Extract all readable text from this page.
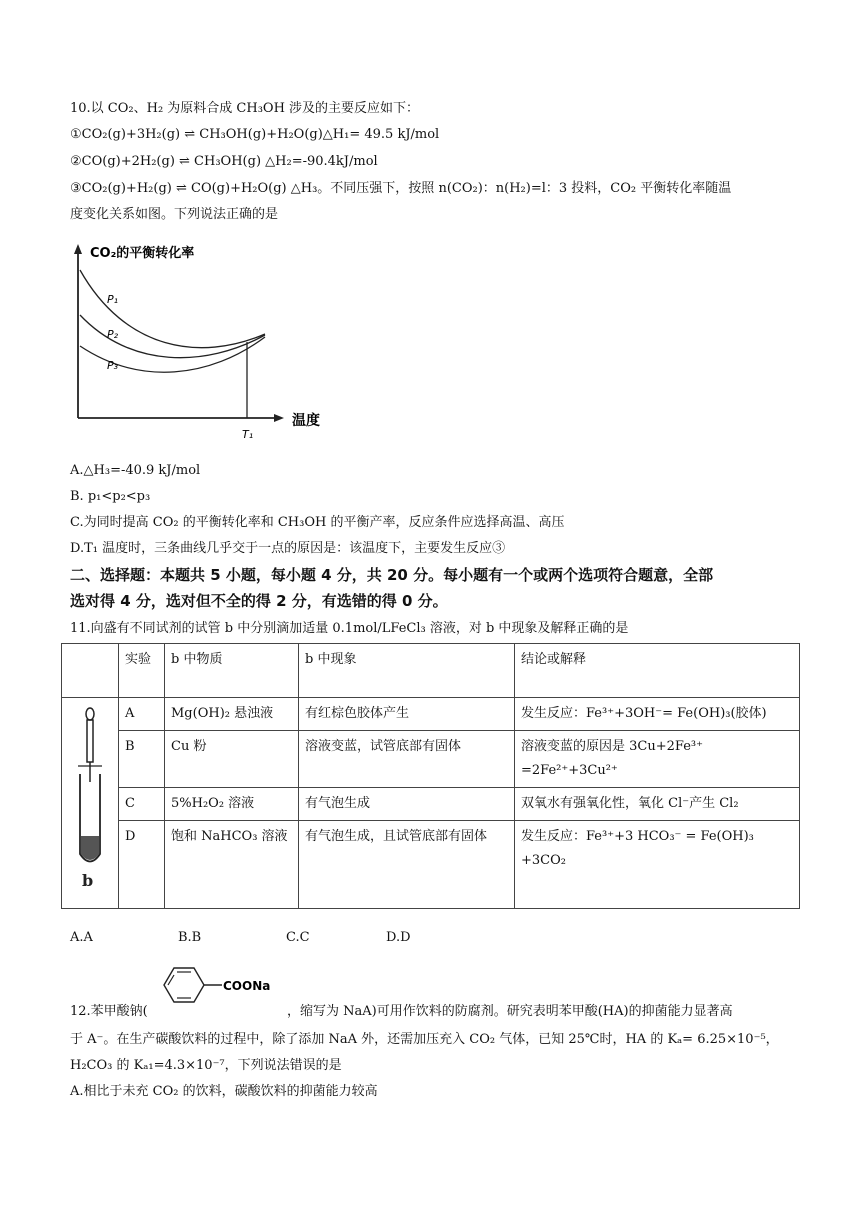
10.以 CO₂、H₂ 为原料合成 CH₃OH 涉及的主要反应如下：
①CO₂(g)+3H₂(g) ⇌ CH₃OH(g)+H₂O(g)△H₁= 49.5 kJ/mol
②CO(g)+2H₂(g) ⇌ CH₃OH(g) △H₂=-90.4kJ/mol
③CO₂(g)+H₂(g) ⇌ CO(g)+H₂O(g) △H₃。不同压强下，按照 n(CO₂)：n(H₂)=l：3 投料，CO₂ 平衡转化率随温
度变化关系如图。下列说法正确的是
CO₂的平衡转化率
温度
P₁
P₂
P₃
T₁
A.△H₃=-40.9 kJ/mol
B. p₁<p₂<p₃
C.为同时提高 CO₂ 的平衡转化率和 CH₃OH 的平衡产率，反应条件应选择高温、高压
D.T₁ 温度时，三条曲线几乎交于一点的原因是：该温度下，主要发生反应③
二、选择题：本题共 5 小题，每小题 4 分，共 20 分。每小题有一个或两个选项符合题意，全部
选对得 4 分，选对但不全的得 2 分，有选错的得 0 分。
11.向盛有不同试剂的试管 b 中分别滴加适量 0.1mol/LFeCl₃ 溶液，对 b 中现象及解释正确的是
	实验	b 中物质	b 中现象	结论或解释

b	A	Mg(OH)₂ 悬浊液	有红棕色胶体产生	发生反应：Fe³⁺+3OH⁻= Fe(OH)₃(胶体)
	B	Cu 粉	溶液变蓝，试管底部有固体	溶液变蓝的原因是 3Cu+2Fe³⁺ =2Fe²⁺+3Cu²⁺
	C	5%H₂O₂ 溶液	有气泡生成	双氧水有强氧化性，氧化 Cl⁻产生 Cl₂
	D	饱和 NaHCO₃ 溶液	有气泡生成，且试管底部有固体	发生反应：Fe³⁺+3 HCO₃⁻ = Fe(OH)₃ +3CO₂
A.A	B.B	C.C	D.D
COONa
12.苯甲酸钠(	，缩写为 NaA)可用作饮料的防腐剂。研究表明苯甲酸(HA)的抑菌能力显著高
于 A⁻。在生产碳酸饮料的过程中，除了添加 NaA 外，还需加压充入 CO₂ 气体，已知 25℃时，HA 的 Kₐ= 6.25×10⁻⁵，
H₂CO₃ 的 Kₐ₁=4.3×10⁻⁷，下列说法错误的是
A.相比于未充 CO₂ 的饮料，碳酸饮料的抑菌能力较高
